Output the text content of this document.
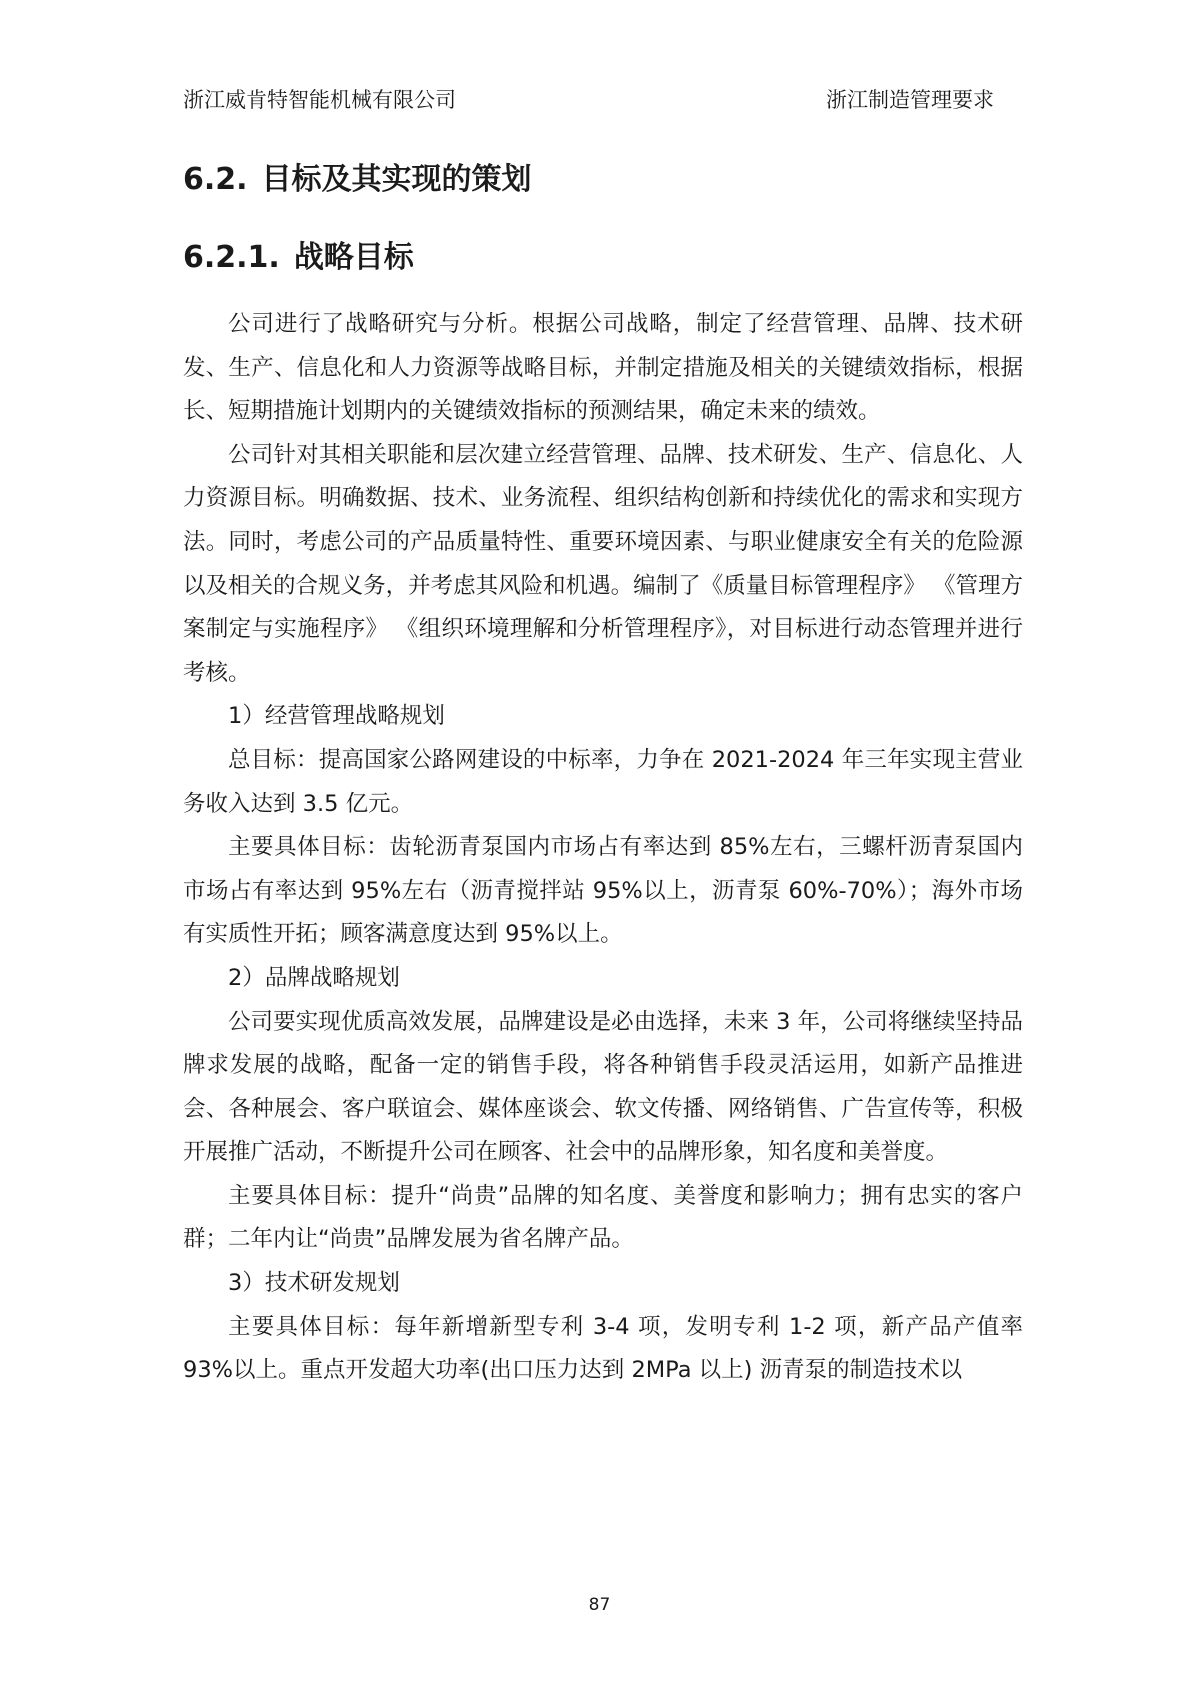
浙江威肯特智能机械有限公司	浙江制造管理要求
6.2. 目标及其实现的策划
6.2.1. 战略目标

公司进行了战略研究与分析。根据公司战略，制定了经营管理、品牌、技术研发、生产、信息化和人力资源等战略目标，并制定措施及相关的关键绩效指标，根据长、短期措施计划期内的关键绩效指标的预测结果，确定未来的绩效。

公司针对其相关职能和层次建立经营管理、品牌、技术研发、生产、信息化、人力资源目标。明确数据、技术、业务流程、组织结构创新和持续优化的需求和实现方法。同时，考虑公司的产品质量特性、重要环境因素、与职业健康安全有关的危险源以及相关的合规义务，并考虑其风险和机遇。编制了《质量目标管理程序》 《管理方案制定与实施程序》 《组织环境理解和分析管理程序》，对目标进行动态管理并进行考核。

1）经营管理战略规划

总目标：提高国家公路网建设的中标率，力争在 2021-2024 年三年实现主营业务收入达到 3.5 亿元。

主要具体目标：齿轮沥青泵国内市场占有率达到 85%左右，三螺杆沥青泵国内市场占有率达到 95%左右（沥青搅拌站 95%以上，沥青泵 60%-70%）；海外市场有实质性开拓；顾客满意度达到 95%以上。

2）品牌战略规划

公司要实现优质高效发展，品牌建设是必由选择，未来 3 年，公司将继续坚持品牌求发展的战略，配备一定的销售手段，将各种销售手段灵活运用，如新产品推进会、各种展会、客户联谊会、媒体座谈会、软文传播、网络销售、广告宣传等，积极开展推广活动，不断提升公司在顾客、社会中的品牌形象，知名度和美誉度。

主要具体目标：提升“尚贵”品牌的知名度、美誉度和影响力；拥有忠实的客户群；二年内让“尚贵”品牌发展为省名牌产品。

3）技术研发规划

主要具体目标：每年新增新型专利 3-4 项，发明专利 1-2 项，新产品产值率 93%以上。重点开发超大功率(出口压力达到 2MPa 以上) 沥青泵的制造技术以

87
